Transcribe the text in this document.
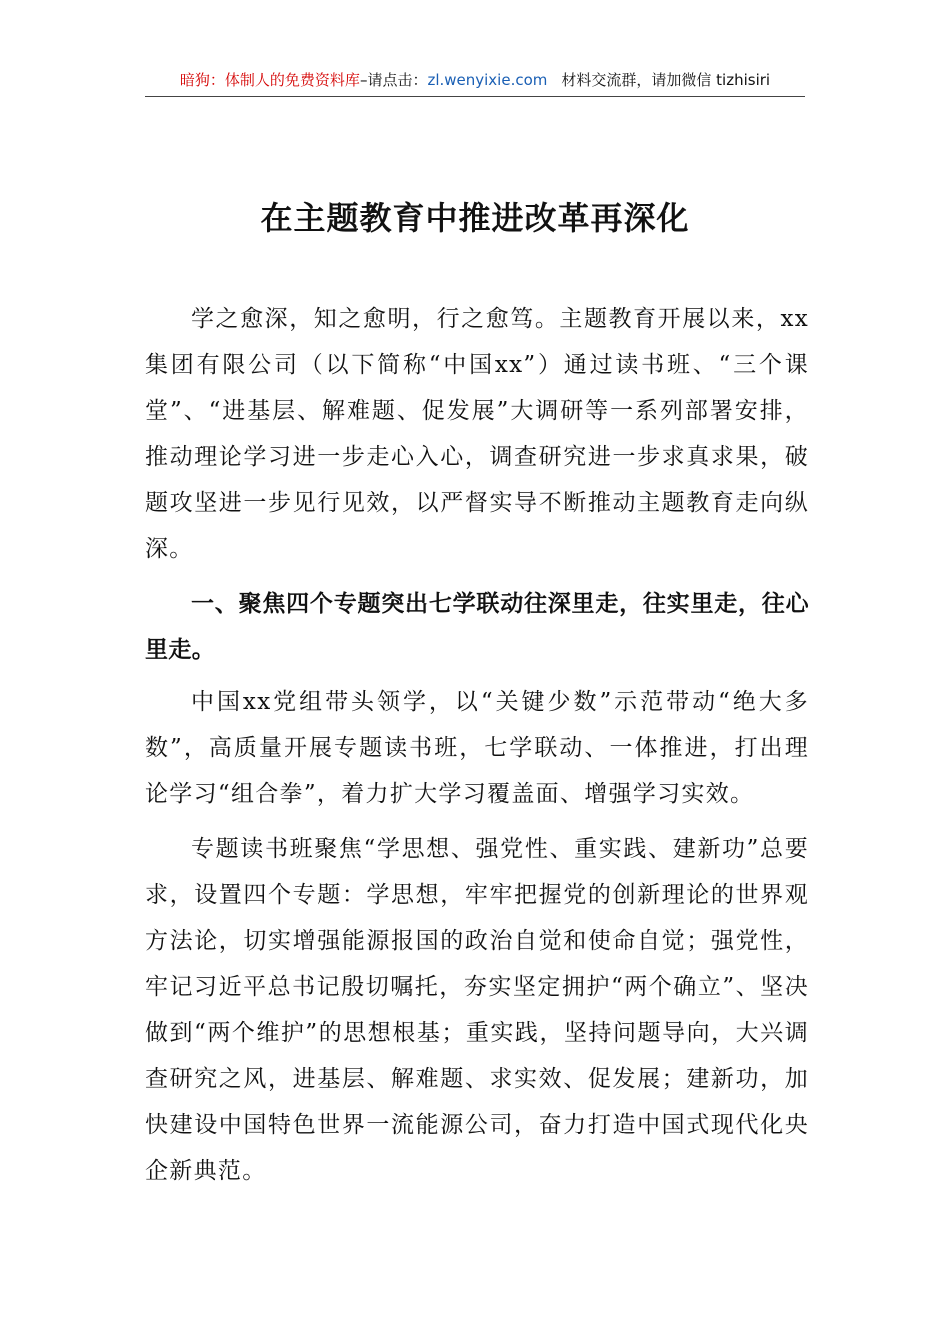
暗狗：体制人的免费资料库–请点击：zl.wenyixie.com 材料交流群，请加微信 tizhisiri
在主题教育中推进改革再深化

学之愈深，知之愈明，行之愈笃。主题教育开展以来，xx集团有限公司（以下简称“中国xx”）通过读书班、“三个课堂”、“进基层、解难题、促发展”大调研等一系列部署安排，推动理论学习进一步走心入心，调查研究进一步求真求果，破题攻坚进一步见行见效，以严督实导不断推动主题教育走向纵深。

一、聚焦四个专题突出七学联动往深里走，往实里走，往心里走。

中国xx党组带头领学，以“关键少数”示范带动“绝大多数”，高质量开展专题读书班，七学联动、一体推进，打出理论学习“组合拳”，着力扩大学习覆盖面、增强学习实效。

专题读书班聚焦“学思想、强党性、重实践、建新功”总要求，设置四个专题：学思想，牢牢把握党的创新理论的世界观方法论，切实增强能源报国的政治自觉和使命自觉；强党性，牢记习近平总书记殷切嘱托，夯实坚定拥护“两个确立”、坚决做到“两个维护”的思想根基；重实践，坚持问题导向，大兴调查研究之风，进基层、解难题、求实效、促发展；建新功，加快建设中国特色世界一流能源公司，奋力打造中国式现代化央企新典范。
